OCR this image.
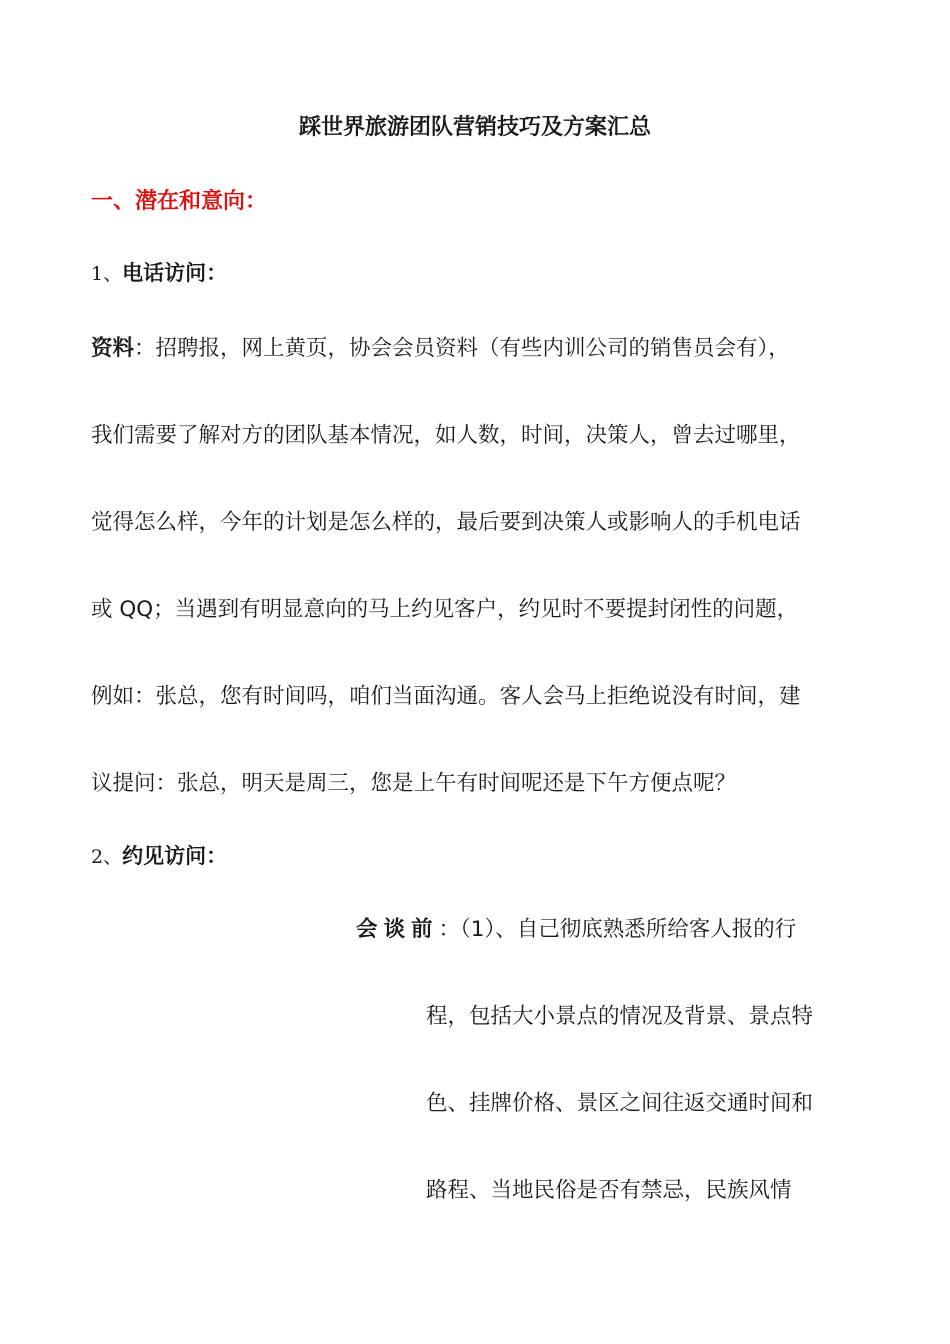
踩世界旅游团队营销技巧及方案汇总
一、潜在和意向：
1、电话访问：
资料：招聘报，网上黄页，协会会员资料（有些内训公司的销售员会有），
我们需要了解对方的团队基本情况，如人数，时间，决策人，曾去过哪里，
觉得怎么样，今年的计划是怎么样的，最后要到决策人或影响人的手机电话
或 QQ；当遇到有明显意向的马上约见客户，约见时不要提封闭性的问题，
例如：张总，您有时间吗，咱们当面沟通。客人会马上拒绝说没有时间，建
议提问：张总，明天是周三，您是上午有时间呢还是下午方便点呢？
2、约见访问：
会谈前：（1）、自己彻底熟悉所给客人报的行
程，包括大小景点的情况及背景、景点特
色、挂牌价格、景区之间往返交通时间和
路程、当地民俗是否有禁忌，民族风情
